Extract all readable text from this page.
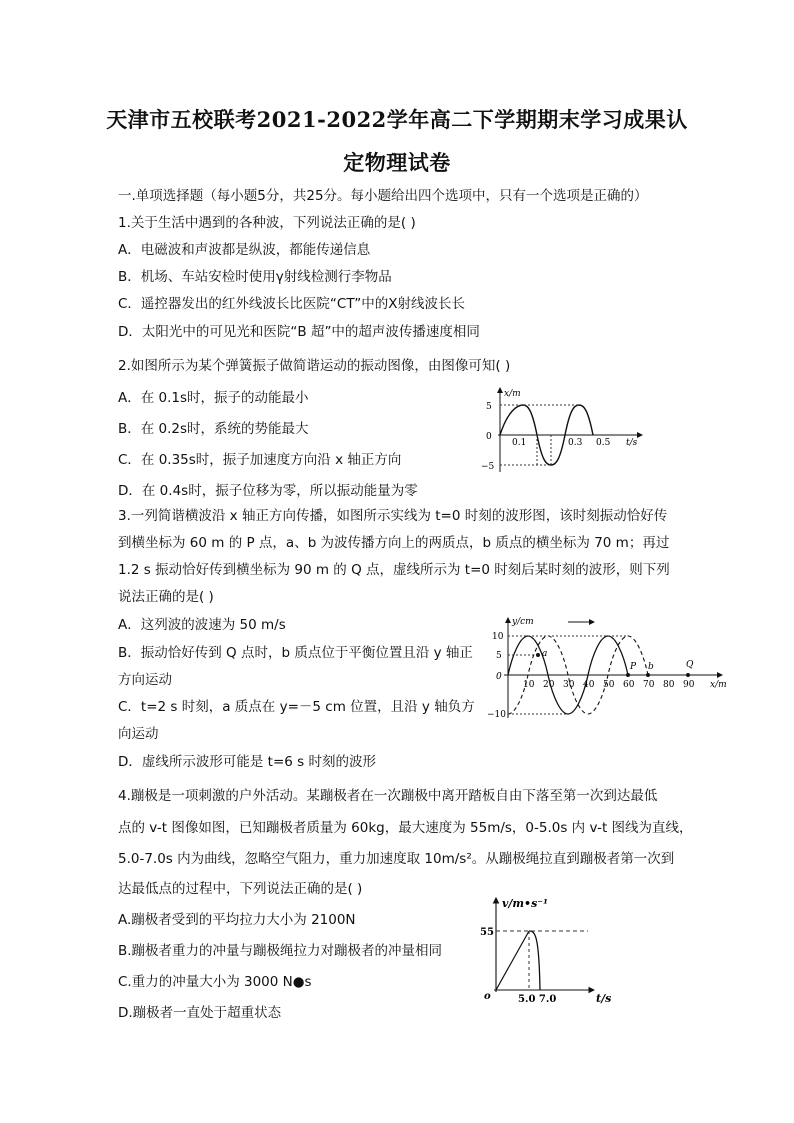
天津市五校联考2021-2022学年高二下学期期末学习成果认
定物理试卷
一.单项选择题（每小题5分，共25分。每小题给出四个选项中，只有一个选项是正确的）
1.关于生活中遇到的各种波，下列说法正确的是( )
A．电磁波和声波都是纵波，都能传递信息
B．机场、车站安检时使用γ射线检测行李物品
C．遥控器发出的红外线波长比医院“CT”中的X射线波长长
D．太阳光中的可见光和医院“B 超”中的超声波传播速度相同
2.如图所示为某个弹簧振子做简谐运动的振动图像，由图像可知( )
A．在 0.1s时，振子的动能最小
B．在 0.2s时，系统的势能最大
C．在 0.35s时，振子加速度方向沿 x 轴正方向
D．在 0.4s时，振子位移为零，所以振动能量为零
x/m
5
0
−5
0.1	0.3 0.5 t/s
3.一列简谐横波沿 x 轴正方向传播，如图所示实线为 t=0 时刻的波形图，该时刻振动恰好传
到横坐标为 60 m 的 P 点，a、b 为波传播方向上的两质点，b 质点的横坐标为 70 m；再过
1.2 s 振动恰好传到横坐标为 90 m 的 Q 点，虚线所示为 t=0 时刻后某时刻的波形，则下列
说法正确的是( )
A．这列波的波速为 50 m/s
B．振动恰好传到 Q 点时，b 质点位于平衡位置且沿 y 轴正
方向运动
C．t=2 s 时刻，a 质点在 y=－5 cm 位置，且沿 y 轴负方
向运动
D．虚线所示波形可能是 t=6 s 时刻的波形
y/cm
10
5
0
−10
a
P b	Q
10 20 30 40 50 60 70 80 90 x/m
4.蹦极是一项刺激的户外活动。某蹦极者在一次蹦极中离开踏板自由下落至第一次到达最低
点的 v-t 图像如图，已知蹦极者质量为 60kg，最大速度为 55m/s，0-5.0s 内 v-t 图线为直线，
5.0-7.0s 内为曲线，忽略空气阻力，重力加速度取 10m/s²。从蹦极绳拉直到蹦极者第一次到
达最低点的过程中，下列说法正确的是( )
A.蹦极者受到的平均拉力大小为 2100N
B.蹦极者重力的冲量与蹦极绳拉力对蹦极者的冲量相同
C.重力的冲量大小为 3000 N●s
D.蹦极者一直处于超重状态
v/m•s⁻¹
55
o	5.0 7.0	t/s
